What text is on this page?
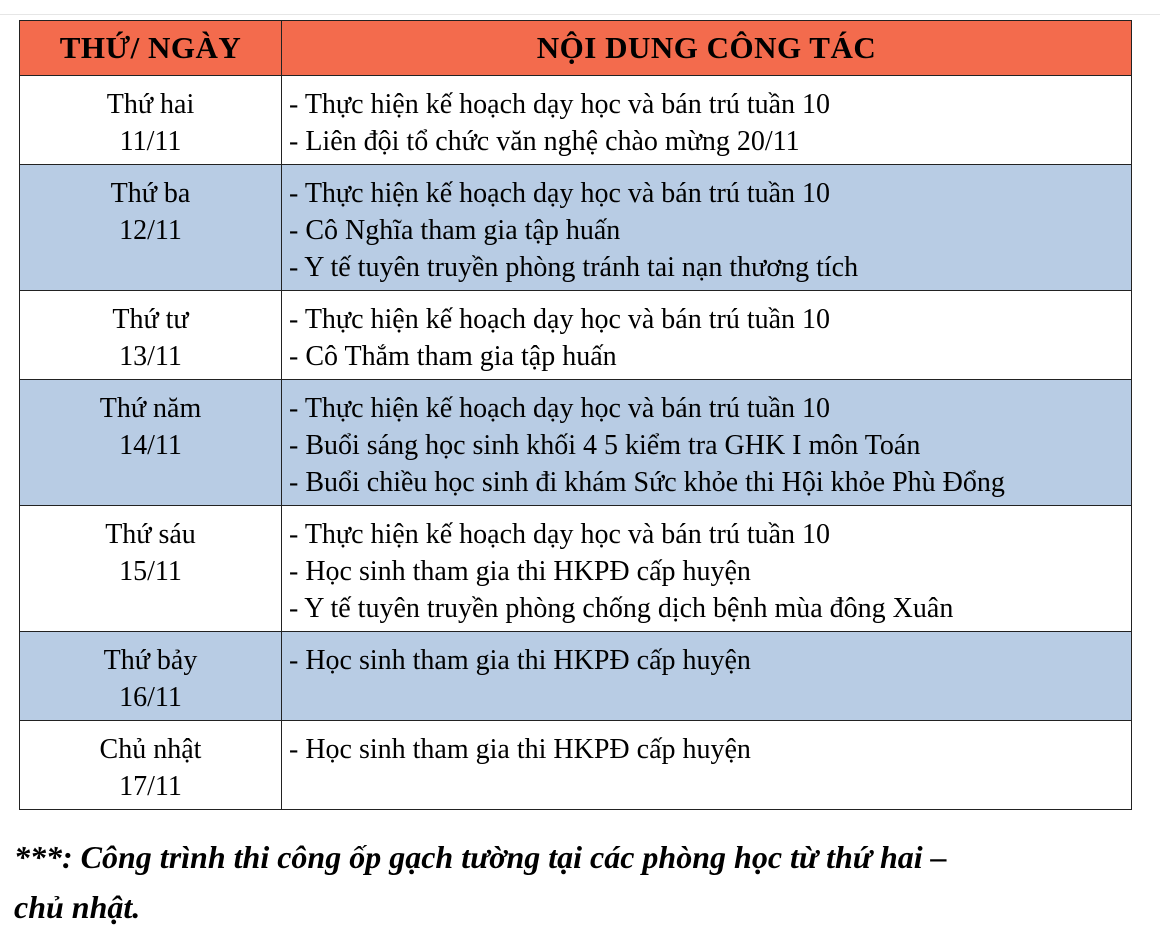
THỨ/ NGÀY	NỘI DUNG CÔNG TÁC

Thứ hai
11/11	- Thực hiện kế hoạch dạy học và bán trú tuần 10
- Liên đội tổ chức văn nghệ chào mừng 20/11

Thứ ba
12/11	- Thực hiện kế hoạch dạy học và bán trú tuần 10
- Cô Nghĩa tham gia tập huấn
- Y tế tuyên truyền phòng tránh tai nạn thương tích

Thứ tư
13/11	- Thực hiện kế hoạch dạy học và bán trú tuần 10
- Cô Thắm tham gia tập huấn

Thứ năm
14/11	- Thực hiện kế hoạch dạy học và bán trú tuần 10
- Buổi sáng học sinh khối 4 5 kiểm tra GHK I môn Toán
- Buổi chiều học sinh đi khám Sức khỏe thi Hội khỏe Phù Đổng

Thứ sáu
15/11	- Thực hiện kế hoạch dạy học và bán trú tuần 10
- Học sinh tham gia thi HKPĐ cấp huyện
- Y tế tuyên truyền phòng chống dịch bệnh mùa đông Xuân

Thứ bảy
16/11	- Học sinh tham gia thi HKPĐ cấp huyện

Chủ nhật
17/11	- Học sinh tham gia thi HKPĐ cấp huyện
***: Công trình thi công ốp gạch tường tại các phòng học từ thứ hai –
chủ nhật.
